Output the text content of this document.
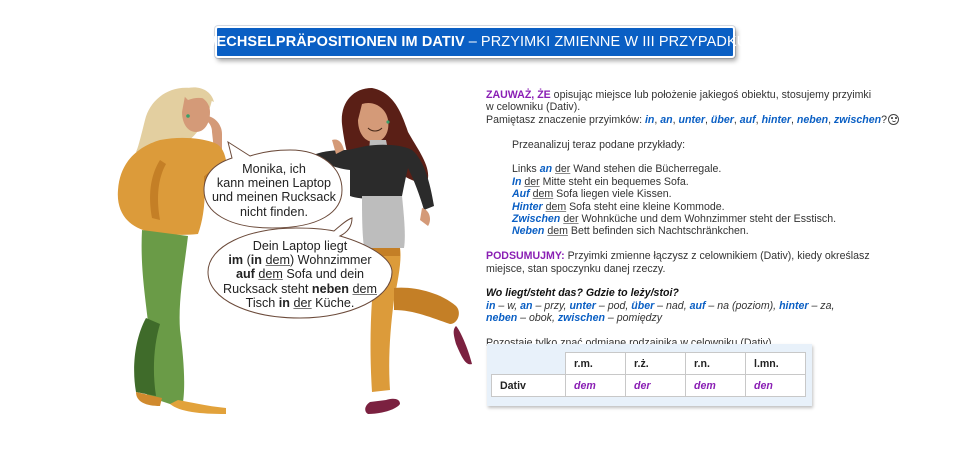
WECHSELPRÄPOSITIONEN IM DATIV – PRZYIMKI ZMIENNE W III PRZYPADKU
Monika, ich
kann meinen Laptop
und meinen Rucksack
nicht finden.
Dein Laptop liegt
im (in dem) Wohnzimmer
auf dem Sofa und dein
Rucksack steht neben dem
Tisch in der Küche.
ZAUWAŻ, ŻE opisując miejsce lub położenie jakiegoś obiektu, stosujemy przyimki
w celowniku (Dativ).
Pamiętasz znaczenie przyimków: in, an, unter, über, auf, hinter, neben, zwischen?
Przeanalizuj teraz podane przykłady:
Links an der Wand stehen die Bücherregale.
In der Mitte steht ein bequemes Sofa.
Auf dem Sofa liegen viele Kissen.
Hinter dem Sofa steht eine kleine Kommode.
Zwischen der Wohnküche und dem Wohnzimmer steht der Esstisch.
Neben dem Bett befinden sich Nachtschränkchen.
PODSUMUJMY: Przyimki zmienne łączysz z celownikiem (Dativ), kiedy określasz
miejsce, stan spoczynku danej rzeczy.
Wo liegt/steht das? Gdzie to leży/stoi?
in – w, an – przy, unter – pod, über – nad, auf – na (poziom), hinter – za,
neben – obok, zwischen – pomiędzy
	r.m.	r.ż.	r.n.	l.mn.
Dativ	dem	der	dem	den
